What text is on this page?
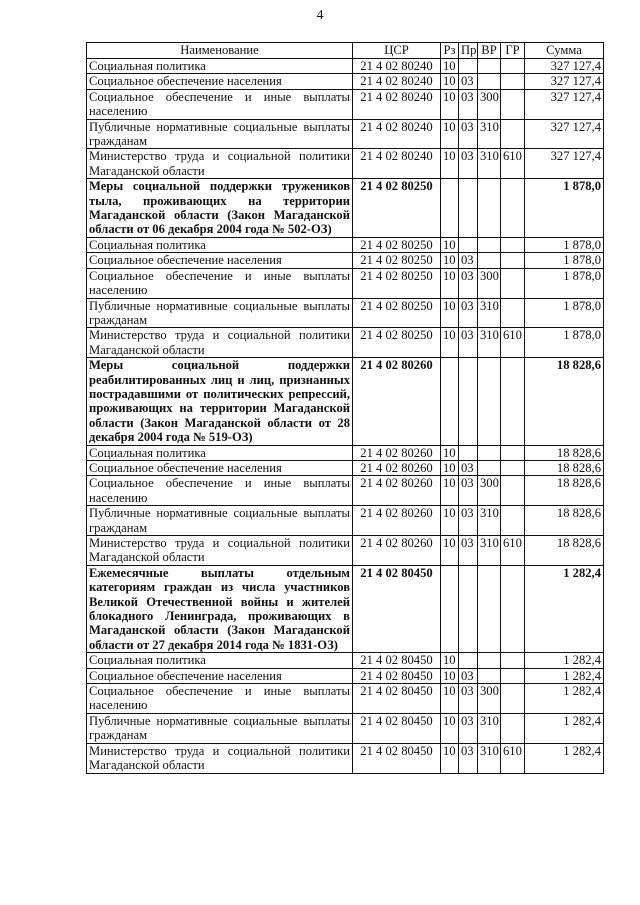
4
Наименование	ЦСР	Рз	Пр	ВР	ГР	Сумма
Социальная политика	21 4 02 80240	10				327 127,4
Социальное обеспечение населения	21 4 02 80240	10	03			327 127,4
Социальное обеспечение и иные выплаты населению	21 4 02 80240	10	03	300		327 127,4
Публичные нормативные социальные выплаты гражданам	21 4 02 80240	10	03	310		327 127,4
Министерство труда и социальной политики Магаданской области	21 4 02 80240	10	03	310	610	327 127,4
Меры социальной поддержки тружеников тыла, проживающих на территории Магаданской области (Закон Магаданской области от 06 декабря 2004 года № 502-ОЗ)	21 4 02 80250					1 878,0
Социальная политика	21 4 02 80250	10				1 878,0
Социальное обеспечение населения	21 4 02 80250	10	03			1 878,0
Социальное обеспечение и иные выплаты населению	21 4 02 80250	10	03	300		1 878,0
Публичные нормативные социальные выплаты гражданам	21 4 02 80250	10	03	310		1 878,0
Министерство труда и социальной политики Магаданской области	21 4 02 80250	10	03	310	610	1 878,0
Меры социальной поддержки реабилитированных лиц и лиц, признанных пострадавшими от политических репрессий, проживающих на территории Магаданской области (Закон Магаданской области от 28 декабря 2004 года № 519-ОЗ)	21 4 02 80260					18 828,6
Социальная политика	21 4 02 80260	10				18 828,6
Социальное обеспечение населения	21 4 02 80260	10	03			18 828,6
Социальное обеспечение и иные выплаты населению	21 4 02 80260	10	03	300		18 828,6
Публичные нормативные социальные выплаты гражданам	21 4 02 80260	10	03	310		18 828,6
Министерство труда и социальной политики Магаданской области	21 4 02 80260	10	03	310	610	18 828,6
Ежемесячные выплаты отдельным категориям граждан из числа участников Великой Отечественной войны и жителей блокадного Ленинграда, проживающих в Магаданской области (Закон Магаданской области от 27 декабря 2014 года № 1831-ОЗ)	21 4 02 80450					1 282,4
Социальная политика	21 4 02 80450	10				1 282,4
Социальное обеспечение населения	21 4 02 80450	10	03			1 282,4
Социальное обеспечение и иные выплаты населению	21 4 02 80450	10	03	300		1 282,4
Публичные нормативные социальные выплаты гражданам	21 4 02 80450	10	03	310		1 282,4
Министерство труда и социальной политики Магаданской области	21 4 02 80450	10	03	310	610	1 282,4
